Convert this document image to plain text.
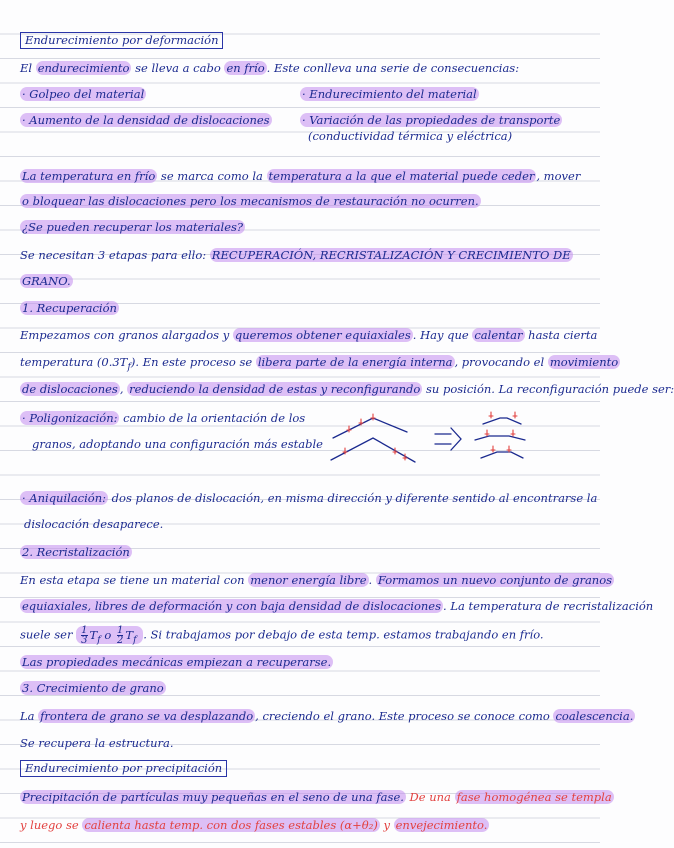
Endurecimiento por deformación
El endurecimiento se lleva a cabo en frío . Este conlleva una serie de consecuencias:
· Golpeo del material	· Endurecimiento del material
· Aumento de la densidad de dislocaciones	· Variación de las propiedades de transporte
(conductividad térmica y eléctrica)
La temperatura en frío se marca como la temperatura a la que el material puede ceder , mover
o bloquear las dislocaciones pero los mecanismos de restauración no ocurren.
¿Se pueden recuperar los materiales?
Se necesitan 3 etapas para ello: RECUPERACIÓN, RECRISTALIZACIÓN Y CRECIMIENTO DE
GRANO.
1. Recuperación
Empezamos con granos alargados y queremos obtener equiaxiales . Hay que calentar hasta cierta
temperatura $(0.3T_f)$. En este proceso se libera parte de la energía interna , provocando el movimiento
de dislocaciones , reduciendo la densidad de estas y reconfigurando su posición. La reconfiguración puede ser:
· Poligonización: cambio de la orientación de los
granos, adoptando una configuración más estable
· Aniquilación: dos planos de dislocación, en misma dirección y diferente sentido al encontrarse la
dislocación desaparece.
2. Recristalización
En esta etapa se tiene un material con menor energía libre . Formamos un nuevo conjunto de granos
equiaxiales, libres de deformación y con baja densidad de dislocaciones . La temperatura de recristalización
suele ser $\frac{1}{3} T_f$ o $\frac{1}{2} T_f$ . Si trabajamos por debajo de esta temp. estamos trabajando en frío.
Las propiedades mecánicas empiezan a recuperarse.
3. Crecimiento de grano
La frontera de grano se va desplazando , creciendo el grano. Este proceso se conoce como coalescencia.
Se recupera la estructura.
Endurecimiento por precipitación
Precipitación de partículas muy pequeñas en el seno de una fase. De una fase homogénea se templa
y luego se calienta hasta temp. con dos fases estables (α+θ₂) y envejecimiento.
